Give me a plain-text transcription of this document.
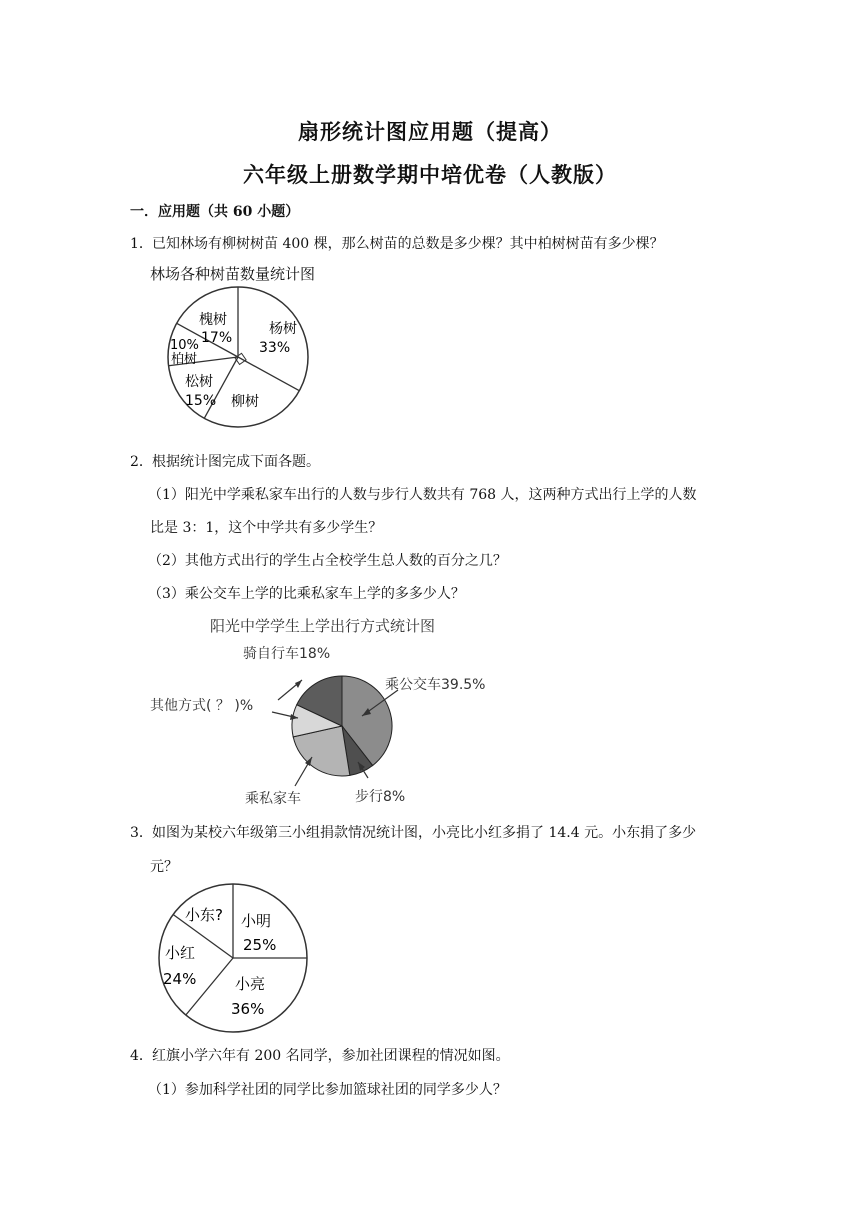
扇形统计图应用题（提高）
六年级上册数学期中培优卷（人教版）
一．应用题（共 60 小题）
1． 已知林场有柳树树苗 400 棵，那么树苗的总数是多少棵？其中柏树树苗有多少棵？
林场各种树苗数量统计图
杨树
33%
柳树
松树
15%
10%
柏树
槐树
17%
2． 根据统计图完成下面各题。
（1）阳光中学乘私家车出行的人数与步行人数共有 768 人，这两种方式出行上学的人数
比是 3：1，这个中学共有多少学生？
（2）其他方式出行的学生占全校学生总人数的百分之几？
（3）乘公交车上学的比乘私家车上学的多多少人？
阳光中学学生上学出行方式统计图
乘公交车39.5%
步行8%
乘私家车
其他方式( ？ )%
骑自行车18%
3． 如图为某校六年级第三小组捐款情况统计图，小亮比小红多捐了 14.4 元。小东捐了多少
元？
小明
25%
小亮
36%
小红
24%
小东?
4． 红旗小学六年有 200 名同学，参加社团课程的情况如图。
（1）参加科学社团的同学比参加篮球社团的同学多少人？
